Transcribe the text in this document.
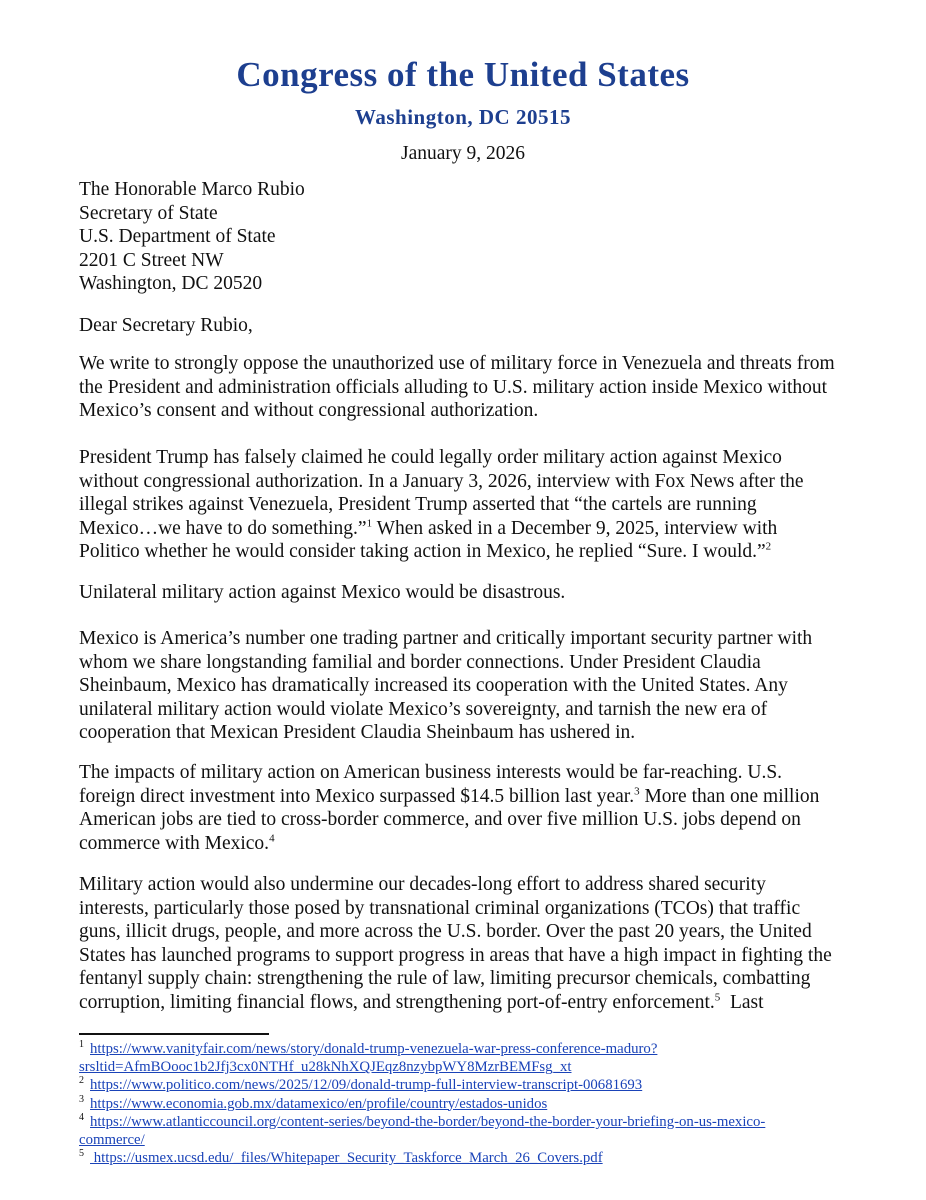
Congress of the United States
Washington, DC 20515
January 9, 2026
The Honorable Marco Rubio
Secretary of State
U.S. Department of State
2201 C Street NW
Washington, DC 20520
Dear Secretary Rubio,

We write to strongly oppose the unauthorized use of military force in Venezuela and threats from
the President and administration officials alluding to U.S. military action inside Mexico without
Mexico’s consent and without congressional authorization.

President Trump has falsely claimed he could legally order military action against Mexico
without congressional authorization. In a January 3, 2026, interview with Fox News after the
illegal strikes against Venezuela, President Trump asserted that “the cartels are running
Mexico…we have to do something.”$^1$ When asked in a December 9, 2025, interview with
Politico whether he would consider taking action in Mexico, he replied “Sure. I would.”$^2$

Unilateral military action against Mexico would be disastrous.

Mexico is America’s number one trading partner and critically important security partner with
whom we share longstanding familial and border connections. Under President Claudia
Sheinbaum, Mexico has dramatically increased its cooperation with the United States. Any
unilateral military action would violate Mexico’s sovereignty, and tarnish the new era of
cooperation that Mexican President Claudia Sheinbaum has ushered in.

The impacts of military action on American business interests would be far-reaching. U.S.
foreign direct investment into Mexico surpassed $14.5 billion last year.$^3$ More than one million
American jobs are tied to cross-border commerce, and over five million U.S. jobs depend on
commerce with Mexico.$^4$

Military action would also undermine our decades-long effort to address shared security
interests, particularly those posed by transnational criminal organizations (TCOs) that traffic
guns, illicit drugs, people, and more across the U.S. border. Over the past 20 years, the United
States has launched programs to support progress in areas that have a high impact in fighting the
fentanyl supply chain: strengthening the rule of law, limiting precursor chemicals, combatting
corruption, limiting financial flows, and strengthening port-of-entry enforcement.$^5$  Last

$^1$ https://www.vanityfair.com/news/story/donald-trump-venezuela-war-press-conference-maduro?
srsltid=AfmBOooc1b2Jfj3cx0NTHf_u28kNhXQJEqz8nzybpWY8MzrBEMFsg_xt
$^2$ https://www.politico.com/news/2025/12/09/donald-trump-full-interview-transcript-00681693
$^3$ https://www.economia.gob.mx/datamexico/en/profile/country/estados-unidos
$^4$ https://www.atlanticcouncil.org/content-series/beyond-the-border/beyond-the-border-your-briefing-on-us-mexico-
commerce/
$^5$ https://usmex.ucsd.edu/_files/Whitepaper_Security_Taskforce_March_26_Covers.pdf
